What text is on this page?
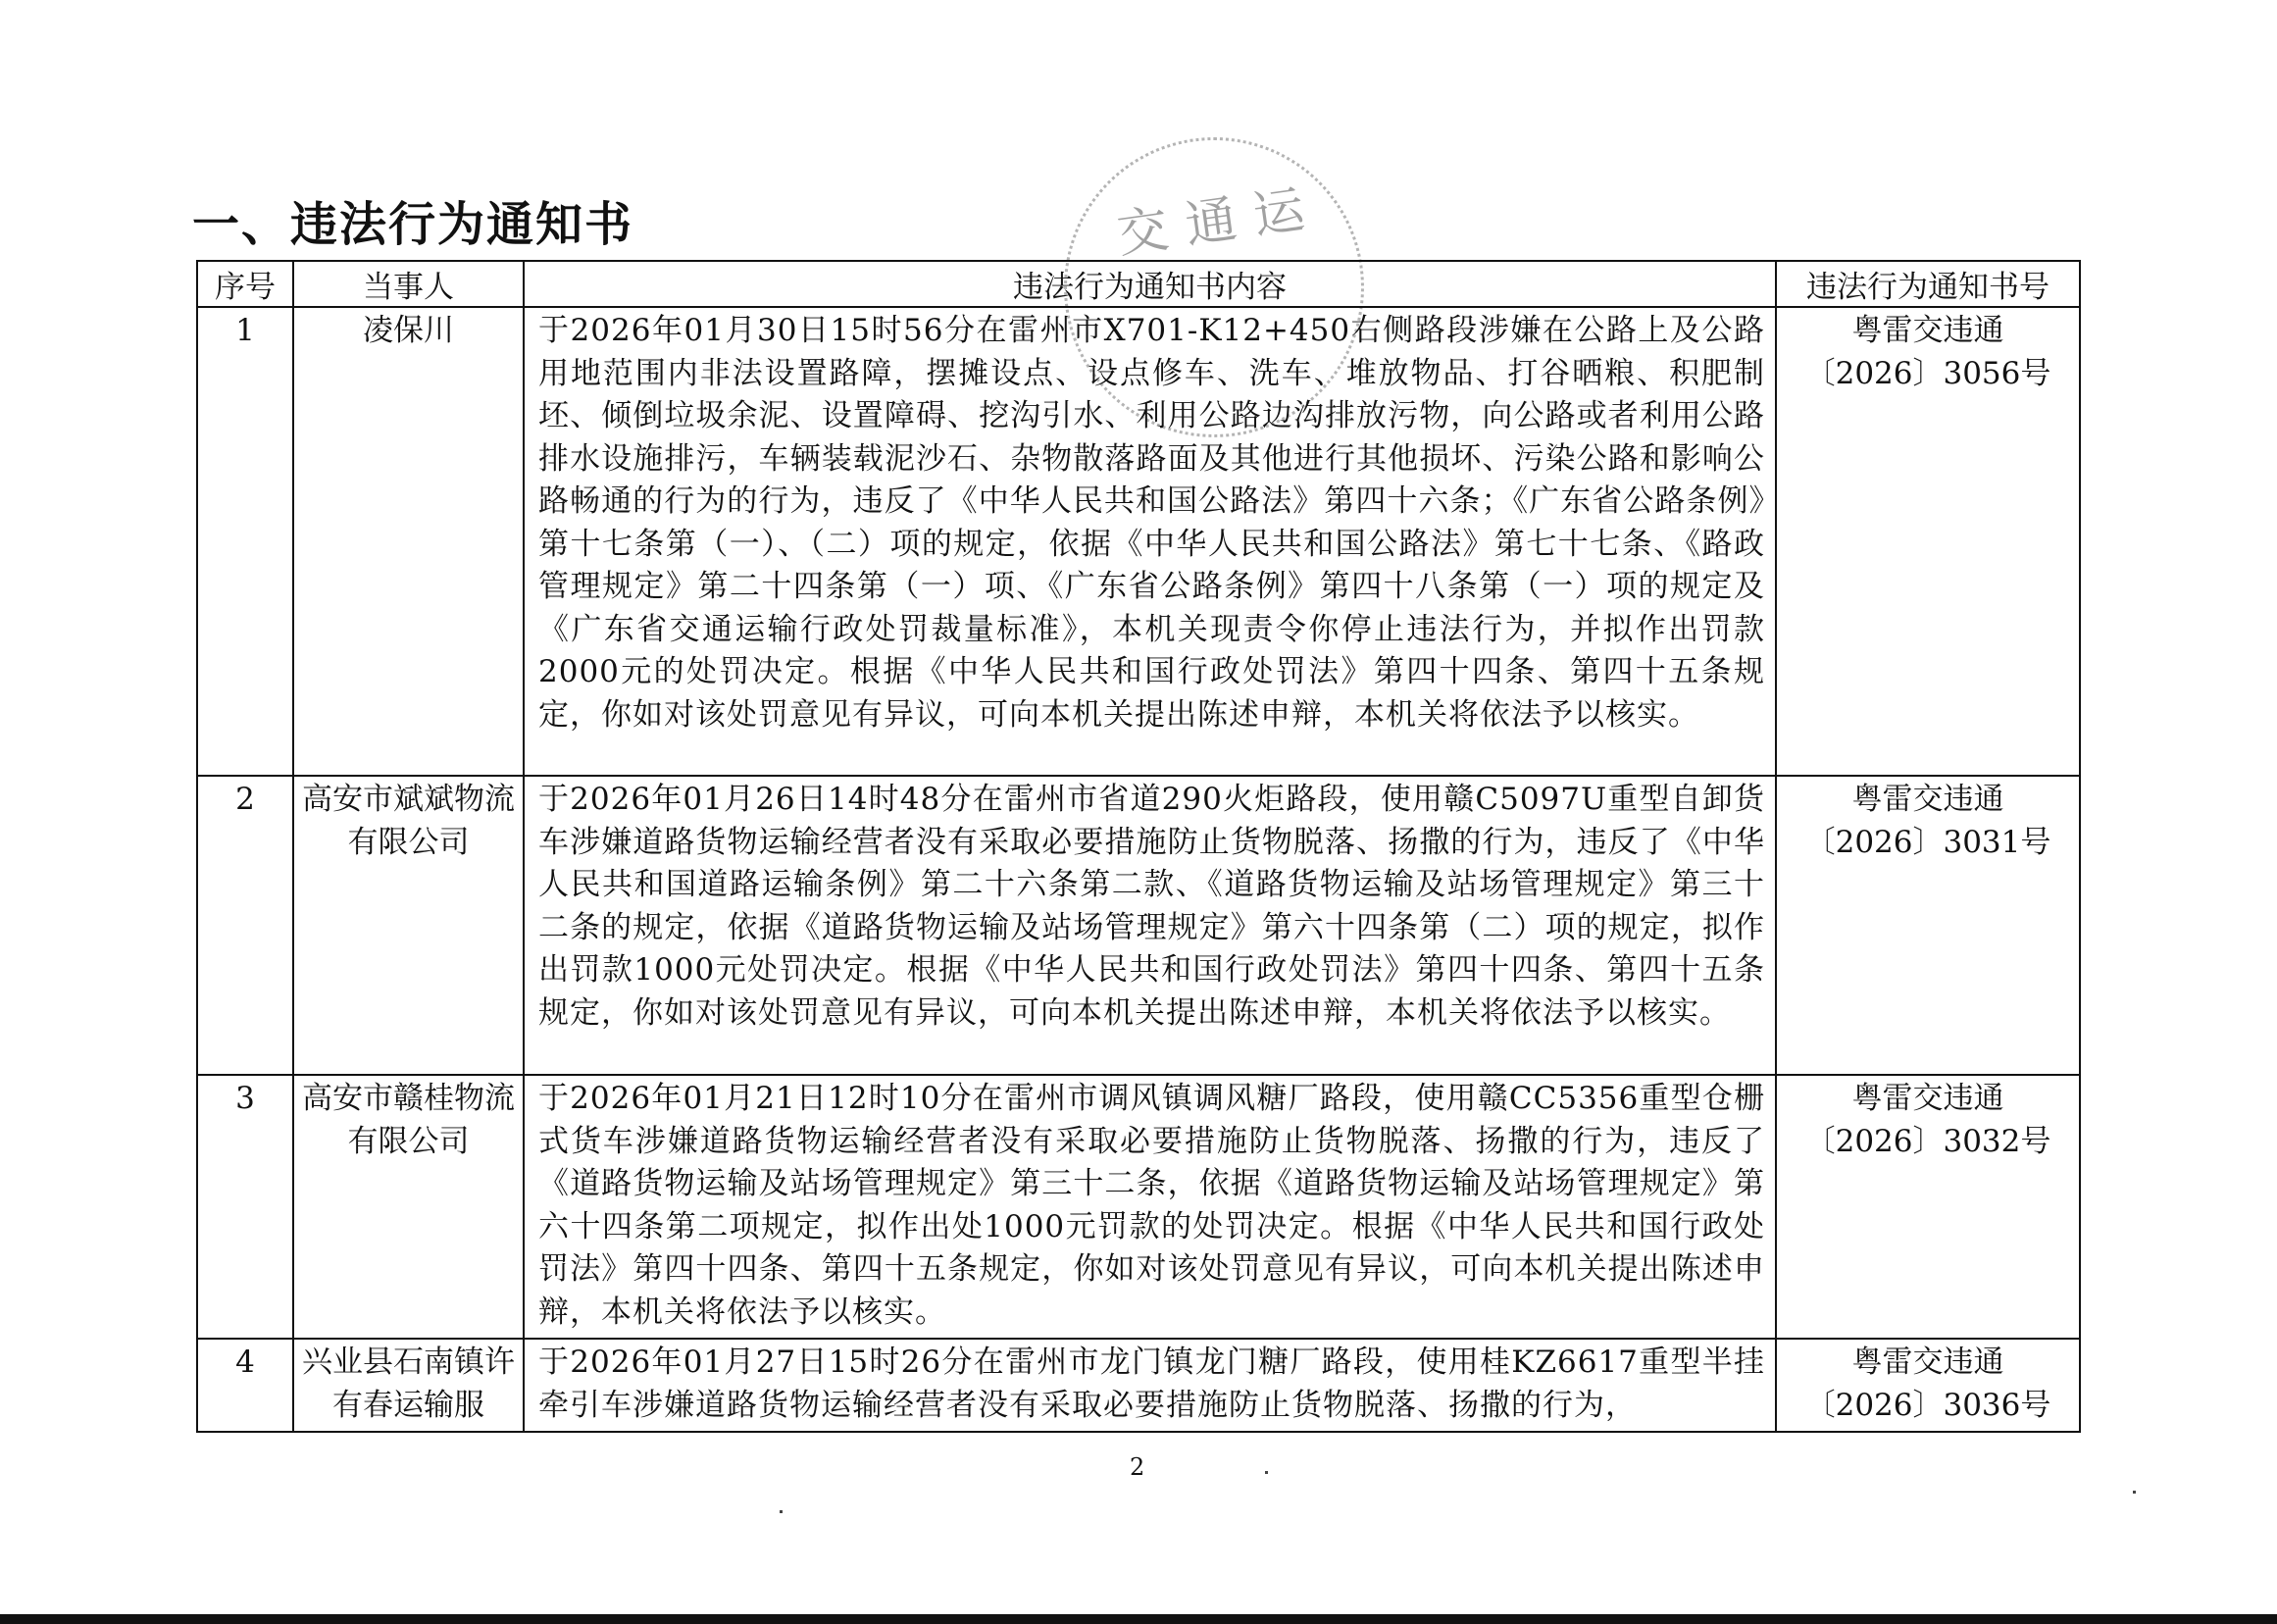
一、违法行为通知书	交通运
序号	当事人	违法行为通知书内容	违法行为通知书号
1	凌保川	于2026年01月30日15时56分在雷州市X701-K12+450右侧路段涉嫌在公路上及公路用地范围内非法设置路障，摆摊设点、设点修车、洗车、堆放物品、打谷晒粮、积肥制坯、倾倒垃圾余泥、设置障碍、挖沟引水、利用公路边沟排放污物，向公路或者利用公路排水设施排污，车辆装载泥沙石、杂物散落路面及其他进行其他损坏、污染公路和影响公路畅通的行为的行为，违反了《中华人民共和国公路法》第四十六条；《广东省公路条例》第十七条第（一）、（二）项的规定，依据《中华人民共和国公路法》第七十七条、《路政管理规定》第二十四条第（一）项、《广东省公路条例》第四十八条第（一）项的规定及《广东省交通运输行政处罚裁量标准》，本机关现责令你停止违法行为，并拟作出罚款2000元的处罚决定。根据《中华人民共和国行政处罚法》第四十四条、第四十五条规定，你如对该处罚意见有异议，可向本机关提出陈述申辩，本机关将依法予以核实。	粤雷交违通
〔2026〕3056号

2	高安市斌斌物流有限公司	于2026年01月26日14时48分在雷州市省道290火炬路段，使用赣C5097U重型自卸货车涉嫌道路货物运输经营者没有采取必要措施防止货物脱落、扬撒的行为，违反了《中华人民共和国道路运输条例》第二十六条第二款、《道路货物运输及站场管理规定》第三十二条的规定，依据《道路货物运输及站场管理规定》第六十四条第（二）项的规定，拟作出罚款1000元处罚决定。根据《中华人民共和国行政处罚法》第四十四条、第四十五条规定，你如对该处罚意见有异议，可向本机关提出陈述申辩，本机关将依法予以核实。	粤雷交违通
〔2026〕3031号

3	高安市赣桂物流有限公司	于2026年01月21日12时10分在雷州市调风镇调风糖厂路段，使用赣CC5356重型仓栅式货车涉嫌道路货物运输经营者没有采取必要措施防止货物脱落、扬撒的行为，违反了《道路货物运输及站场管理规定》第三十二条，依据《道路货物运输及站场管理规定》第六十四条第二项规定，拟作出处1000元罚款的处罚决定。根据《中华人民共和国行政处罚法》第四十四条、第四十五条规定，你如对该处罚意见有异议，可向本机关提出陈述申辩，本机关将依法予以核实。	粤雷交违通
〔2026〕3032号

4	兴业县石南镇许有春运输服	于2026年01月27日15时26分在雷州市龙门镇龙门糖厂路段，使用桂KZ6617重型半挂牵引车涉嫌道路货物运输经营者没有采取必要措施防止货物脱落、扬撒的行为，	粤雷交违通
〔2026〕3036号
2
